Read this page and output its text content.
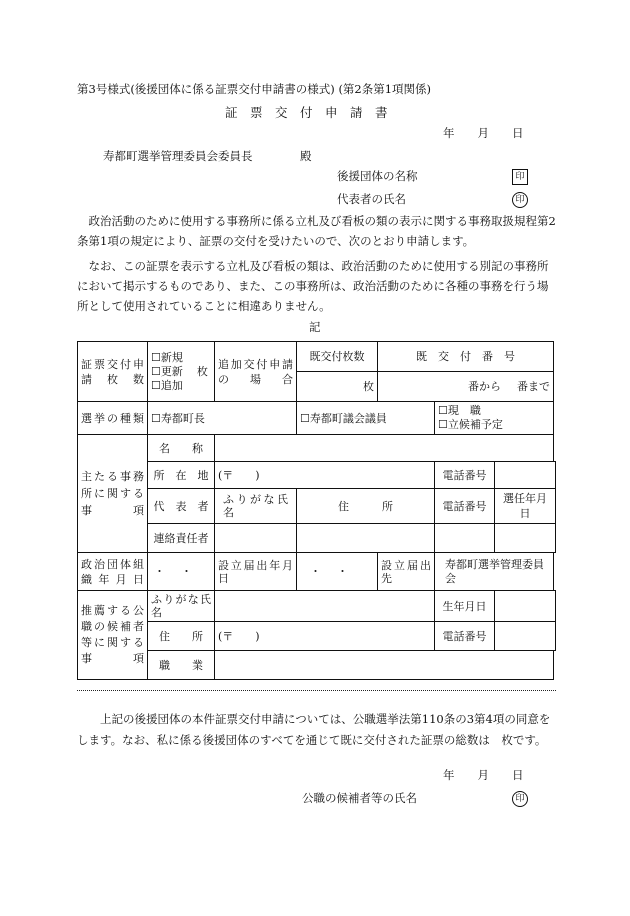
第3号様式(後援団体に係る証票交付申請書の様式) (第2条第1項関係)
証　票　交　付　申　請　書
年　　月　　日
寿都町選挙管理委員会委員長	殿
後援団体の名称	印
代表者の氏名	印
政治活動のために使用する事務所に係る立札及び看板の類の表示に関する事務取扱規程第2条第1項の規定により、証票の交付を受けたいので、次のとおり申請します。
なお、この証票を表示する立札及び看板の類は、政治活動のために使用する別記の事務所において掲示するものであり、また、この事務所は、政治活動のために各種の事務を行う場所として使用されていることに相違ありません。
記
証票交付申請枚数	☐新規
☐更新 枚
☐追加	追加交付申請の場合	既交付枚数	既　交　付　番　号		
			枚	番から 番まで		
選挙の種類	☐寿都町長		☐寿都町議会議員		☐現　職
☐立候補予定	

主たる事務所に関する事項	名　　称					
	所　在　地	(〒　　)			電話番号	
	代　表　者	ふりがな氏名	住　　　所		電話番号	選任年月日
	連絡責任者					
政治団体組織年月日	・・	設立届出年月日	・・	設立届出先	寿都町選挙管理委員会	
推薦する公職の候補者等に関する事項	ふりがな氏名				生年月日	
	住　　所	(〒　　)			電話番号	
	職　　業					
上記の後援団体の本件証票交付申請については、公職選挙法第110条の3第4項の同意をします。なお、私に係る後援団体のすべてを通じて既に交付された証票の総数は　枚です。
年　　月　　日
公職の候補者等の氏名	印
